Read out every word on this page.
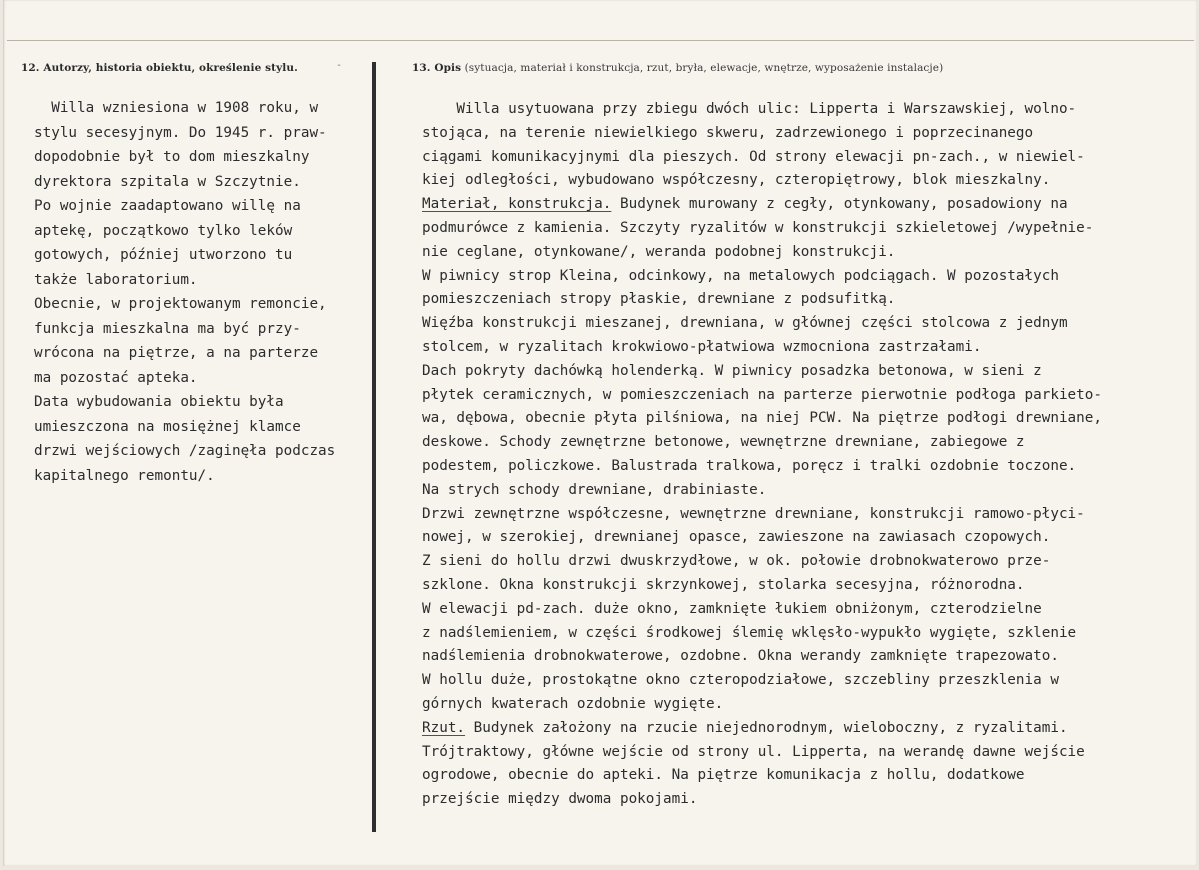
12. Autorzy, historia obiektu, określenie stylu.	-	13. Opis (sytuacja, materiał i konstrukcja, rzut, bryła, elewacje, wnętrze, wyposażenie instalacje)
Willa wzniesiona w 1908 roku, w
stylu secesyjnym. Do 1945 r. praw-
dopodobnie był to dom mieszkalny
dyrektora szpitala w Szczytnie.
Po wojnie zaadaptowano willę na
aptekę, początkowo tylko leków
gotowych, później utworzono tu
także laboratorium.
Obecnie, w projektowanym remoncie,
funkcja mieszkalna ma być przy-
wrócona na piętrze, a na parterze
ma pozostać apteka.
Data wybudowania obiektu była
umieszczona na mosiężnej klamce
drzwi wejściowych /zaginęła podczas
kapitalnego remontu/.
Willa usytuowana przy zbiegu dwóch ulic: Lipperta i Warszawskiej, wolno-
stojąca, na terenie niewielkiego skweru, zadrzewionego i poprzecinanego
ciągami komunikacyjnymi dla pieszych. Od strony elewacji pn-zach., w niewiel-
kiej odległości, wybudowano współczesny, czteropiętrowy, blok mieszkalny.
Materiał, konstrukcja. Budynek murowany z cegły, otynkowany, posadowiony na
podmurówce z kamienia. Szczyty ryzalitów w konstrukcji szkieletowej /wypełnie-
nie ceglane, otynkowane/, weranda podobnej konstrukcji.
W piwnicy strop Kleina, odcinkowy, na metalowych podciągach. W pozostałych
pomieszczeniach stropy płaskie, drewniane z podsufitką.
Więźba konstrukcji mieszanej, drewniana, w głównej części stolcowa z jednym
stolcem, w ryzalitach krokwiowo-płatwiowa wzmocniona zastrzałami.
Dach pokryty dachówką holenderką. W piwnicy posadzka betonowa, w sieni z
płytek ceramicznych, w pomieszczeniach na parterze pierwotnie podłoga parkieto-
wa, dębowa, obecnie płyta pilśniowa, na niej PCW. Na piętrze podłogi drewniane,
deskowe. Schody zewnętrzne betonowe, wewnętrzne drewniane, zabiegowe z
podestem, policzkowe. Balustrada tralkowa, poręcz i tralki ozdobnie toczone.
Na strych schody drewniane, drabiniaste.
Drzwi zewnętrzne współczesne, wewnętrzne drewniane, konstrukcji ramowo-płyci-
nowej, w szerokiej, drewnianej opasce, zawieszone na zawiasach czopowych.
Z sieni do hollu drzwi dwuskrzydłowe, w ok. połowie drobnokwaterowo prze-
szklone. Okna konstrukcji skrzynkowej, stolarka secesyjna, różnorodna.
W elewacji pd-zach. duże okno, zamknięte łukiem obniżonym, czterodzielne
z nadślemieniem, w części środkowej ślemię wklęsło-wypukło wygięte, szklenie
nadślemienia drobnokwaterowe, ozdobne. Okna werandy zamknięte trapezowato.
W hollu duże, prostokątne okno czteropodziałowe, szczebliny przeszklenia w
górnych kwaterach ozdobnie wygięte.
Rzut. Budynek założony na rzucie niejednorodnym, wieloboczny, z ryzalitami.
Trójtraktowy, główne wejście od strony ul. Lipperta, na werandę dawne wejście
ogrodowe, obecnie do apteki. Na piętrze komunikacja z hollu, dodatkowe
przejście między dwoma pokojami.
